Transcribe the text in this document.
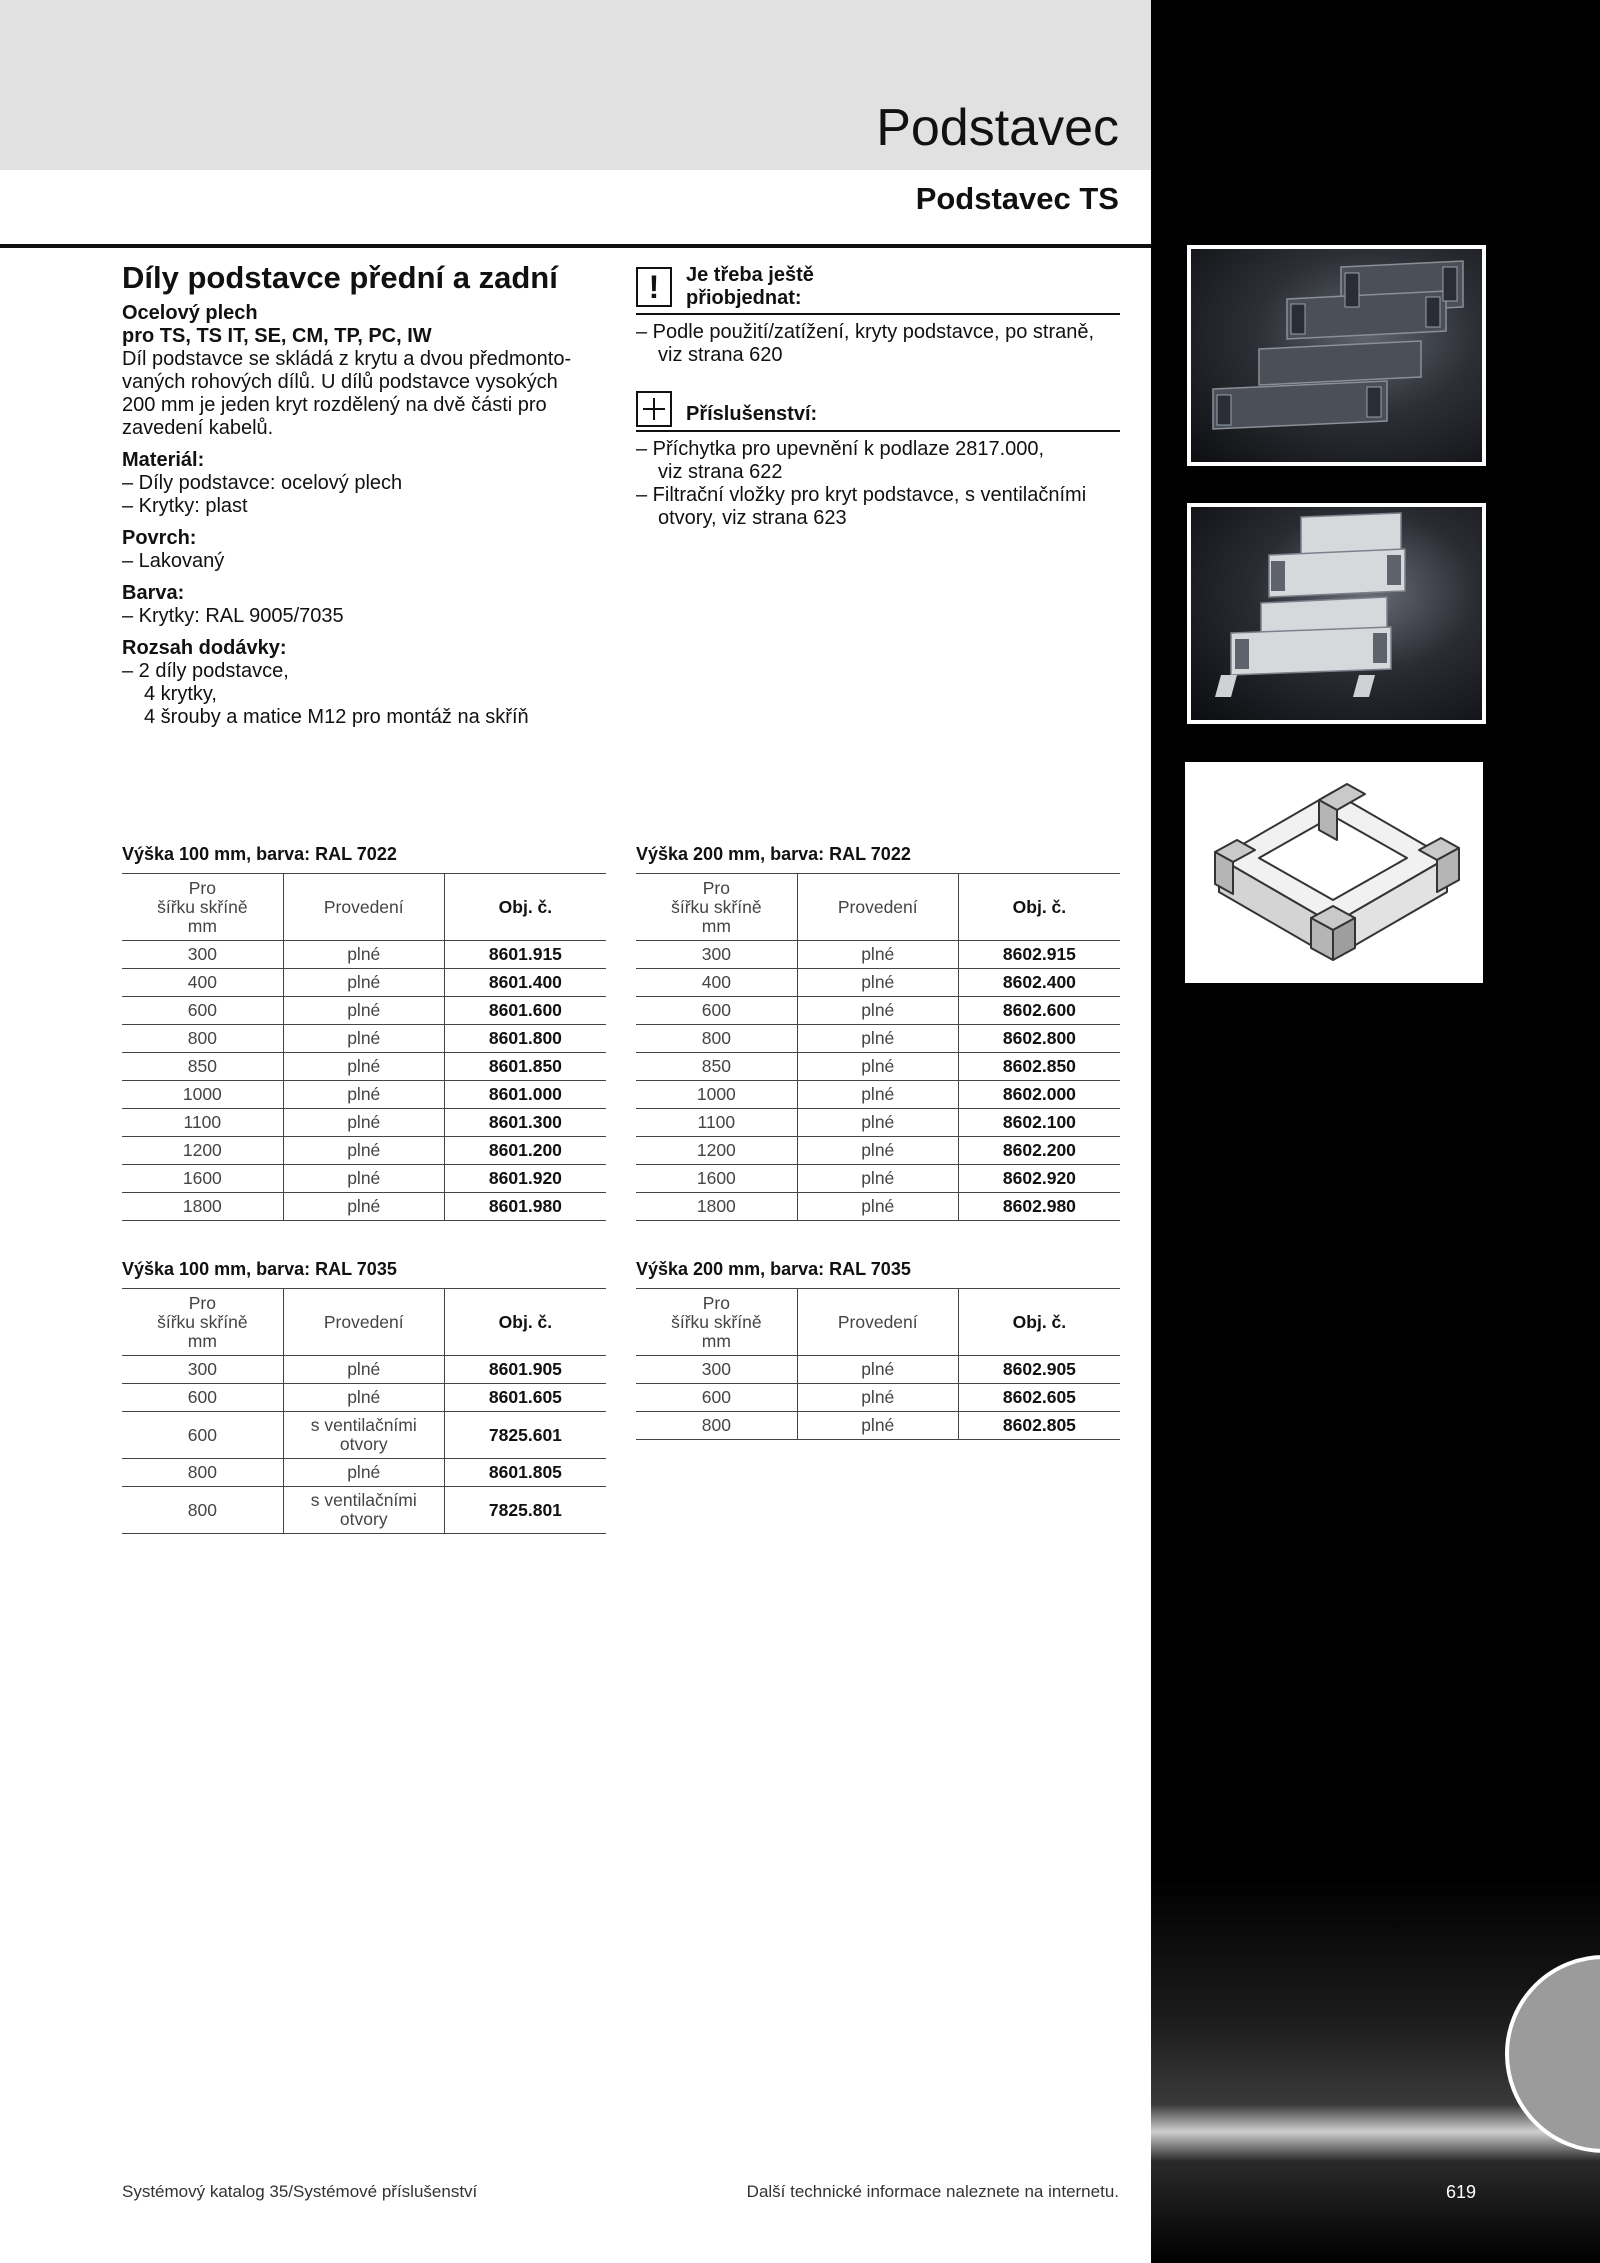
Podstavec
Podstavec TS
Díly podstavce přední a zadní
Ocelový plech
pro TS, TS IT, SE, CM, TP, PC, IW
Díl podstavce se skládá z krytu a dvou předmonto-
vaných rohových dílů. U dílů podstavce vysokých
200 mm je jeden kryt rozdělený na dvě části pro
zavedení kabelů.
Materiál:
– Díly podstavce: ocelový plech
– Krytky: plast
Povrch:
– Lakovaný
Barva:
– Krytky: RAL 9005/7035
Rozsah dodávky:
– 2 díly podstavce,
4 krytky,
4 šrouby a matice M12 pro montáž na skříň
!	Je třeba ještě
přiobjednat:
– Podle použití/zatížení, kryty podstavce, po straně,
viz strana 620
Příslušenství:
– Příchytka pro upevnění k podlaze 2817.000,
viz strana 622
– Filtrační vložky pro kryt podstavce, s ventilačními
otvory, viz strana 623
Výška 100 mm, barva: RAL 7022
Pro
šířku skříně
mm	Provedení	Obj. č.
300	plné	8601.915
400	plné	8601.400
600	plné	8601.600
800	plné	8601.800
850	plné	8601.850
1000	plné	8601.000
1100	plné	8601.300
1200	plné	8601.200
1600	plné	8601.920
1800	plné	8601.980
Výška 200 mm, barva: RAL 7022
Pro
šířku skříně
mm	Provedení	Obj. č.
300	plné	8602.915
400	plné	8602.400
600	plné	8602.600
800	plné	8602.800
850	plné	8602.850
1000	plné	8602.000
1100	plné	8602.100
1200	plné	8602.200
1600	plné	8602.920
1800	plné	8602.980
Výška 100 mm, barva: RAL 7035
Pro
šířku skříně
mm	Provedení	Obj. č.
300	plné	8601.905
600	plné	8601.605
600	s ventilačními
otvory	7825.601
800	plné	8601.805
800	s ventilačními
otvory	7825.801
Výška 200 mm, barva: RAL 7035
Pro
šířku skříně
mm	Provedení	Obj. č.
300	plné	8602.905
600	plné	8602.605
800	plné	8602.805
Systémový katalog 35/Systémové příslušenství	Další technické informace naleznete na internetu.	619
